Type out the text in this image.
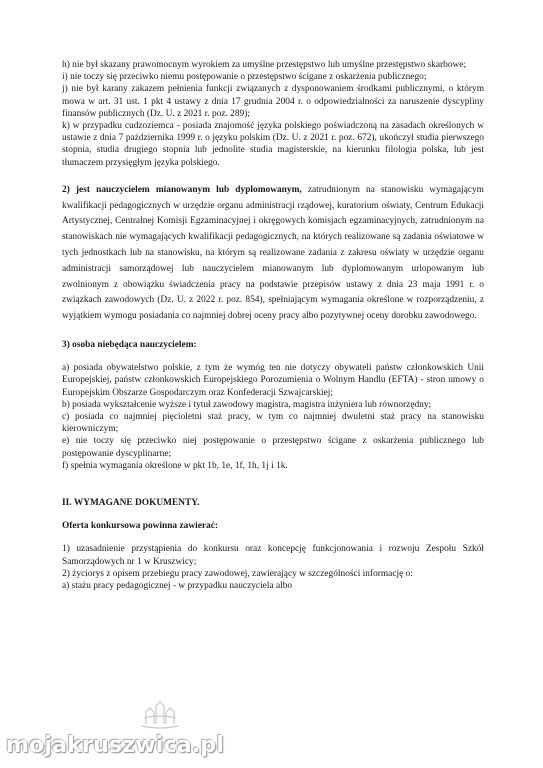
h) nie był skazany prawomocnym wyrokiem za umyślne przestępstwo lub umyślne przestępstwo skarbowe;

i) nie toczy się przeciwko niemu postępowanie o przestępstwo ścigane z oskarżenia publicznego;

j) nie był karany zakazem pełnienia funkcji związanych z dysponowaniem środkami publicznymi, o którym mowa w art. 31 ust. 1 pkt 4 ustawy z dnia 17 grudnia 2004 r. o odpowiedzialności za naruszenie dyscypliny finansów publicznych (Dz. U. z 2021 r. poz. 289);

k) w przypadku cudzoziemca - posiada znajomość języka polskiego poświadczoną na zasadach określonych w ustawie z dnia 7 października 1999 r. o języku polskim (Dz. U. z 2021 r. poz. 672), ukończył studia pierwszego stopnia, studia drugiego stopnia lub jednolite studia magisterskie, na kierunku filologia polska, lub jest tłumaczem przysięgłym języka polskiego.

2) jest nauczycielem mianowanym lub dyplomowanym, zatrudnionym na stanowisku wymagającym kwalifikacji pedagogicznych w urzędzie organu administracji rządowej, kuratorium oświaty, Centrum Edukacji Artystycznej, Centralnej Komisji Egzaminacyjnej i okręgowych komisjach egzaminacyjnych, zatrudnionym na stanowiskach nie wymagających kwalifikacji pedagogicznych, na których realizowane są zadania oświatowe w tych jednostkach lub na stanowisku, na którym są realizowane zadania z zakresu oświaty w urzędzie organu administracji samorządowej lub nauczycielem mianowanym lub dyplomowanym urlopowanym lub zwolnionym z obowiązku świadczenia pracy na podstawie przepisów ustawy z dnia 23 maja 1991 r. o związkach zawodowych (Dz. U. z 2022 r. poz. 854), spełniającym wymagania określone w rozporządzeniu, z wyjątkiem wymogu posiadania co najmniej dobrej oceny pracy albo pozytywnej oceny dorobku zawodowego.

3) osoba niebędąca nauczycielem:

a) posiada obywatelstwo polskie, z tym że wymóg ten nie dotyczy obywateli państw członkowskich Unii Europejskiej, państw członkowskich Europejskiego Porozumienia o Wolnym Handlu (EFTA) - stron umowy o Europejskim Obszarze Gospodarczym oraz Konfederacji Szwajcarskiej;

b) posiada wykształcenie wyższe i tytuł zawodowy magistra, magistra inżyniera lub równorzędny;

c) posiada co najmniej pięcioletni staż pracy, w tym co najmniej dwuletni staż pracy na stanowisku kierowniczym;

e) nie toczy się przeciwko niej postępowanie o przestępstwo ścigane z oskarżenia publicznego lub postępowanie dyscyplinarne;

f) spełnia wymagania określone w pkt 1b, 1e, 1f, 1h, 1j i 1k.

II. WYMAGANE DOKUMENTY.

Oferta konkursowa powinna zawierać:

1) uzasadnienie przystąpienia do konkursu oraz koncepcję funkcjonowania i rozwoju Zespołu Szkół Samorządowych nr 1 w Kruszwicy;

2) życiorys z opisem przebiegu pracy zawodowej, zawierający w szczególności informację o:

a) stażu pracy pedagogicznej - w przypadku nauczyciela albo

mojakruszwica.pl
